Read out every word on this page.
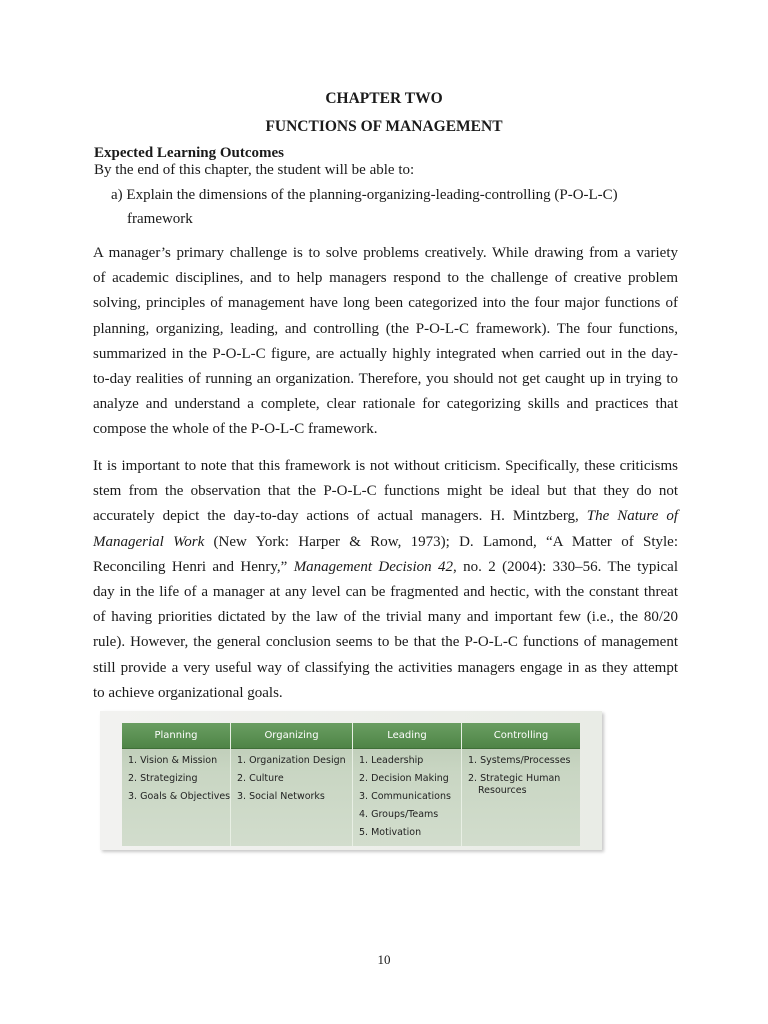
CHAPTER TWO
FUNCTIONS OF MANAGEMENT
Expected Learning Outcomes
By the end of this chapter, the student will be able to:
a) Explain the dimensions of the planning-organizing-leading-controlling (P-O-L-C)
framework
A manager’s primary challenge is to solve problems creatively. While drawing from a variety
of academic disciplines, and to help managers respond to the challenge of creative problem
solving, principles of management have long been categorized into the four major functions of
planning, organizing, leading, and controlling (the P-O-L-C framework). The four functions,
summarized in the P-O-L-C figure, are actually highly integrated when carried out in the day-
to-day realities of running an organization. Therefore, you should not get caught up in trying to
analyze and understand a complete, clear rationale for categorizing skills and practices that
compose the whole of the P-O-L-C framework.
It is important to note that this framework is not without criticism. Specifically, these criticisms
stem from the observation that the P-O-L-C functions might be ideal but that they do not
accurately depict the day-to-day actions of actual managers. H. Mintzberg, The Nature of
Managerial Work (New York: Harper & Row, 1973); D. Lamond, “A Matter of Style:
Reconciling Henri and Henry,” Management Decision 42, no. 2 (2004): 330–56. The typical
day in the life of a manager at any level can be fragmented and hectic, with the constant threat
of having priorities dictated by the law of the trivial many and important few (i.e., the 80/20
rule). However, the general conclusion seems to be that the P-O-L-C functions of management
still provide a very useful way of classifying the activities managers engage in as they attempt
to achieve organizational goals.
Planning
1. Vision & Mission
2. Strategizing
3. Goals & Objectives
Organizing
1. Organization Design
2. Culture
3. Social Networks
Leading
1. Leadership
2. Decision Making
3. Communications
4. Groups/Teams
5. Motivation
Controlling
1. Systems/Processes
2. Strategic Human
Resources
10
